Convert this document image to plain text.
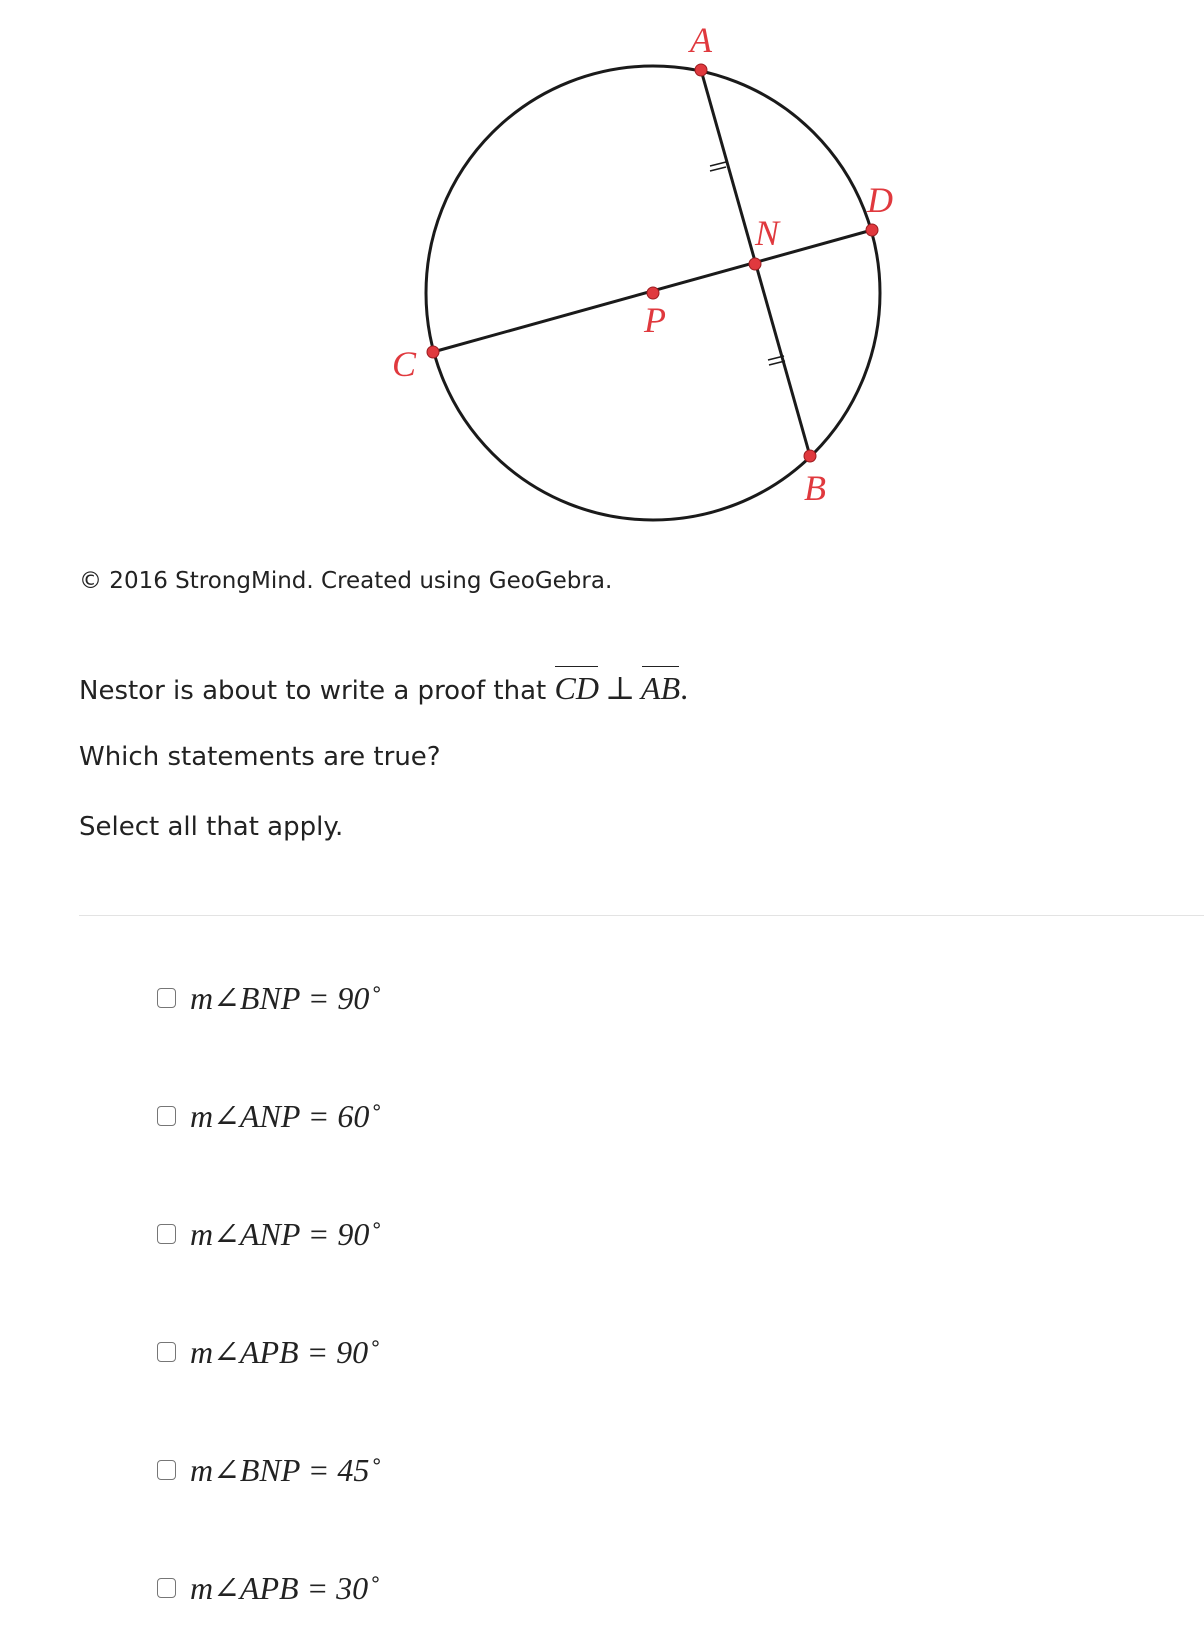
A
B
C
D
N
P
© 2016 StrongMind. Created using GeoGebra.
Nestor is about to write a proof that CD ⊥ AB.
Which statements are true?
Select all that apply.
m∠BNP = 90˚
m∠ANP = 60˚
m∠ANP = 90˚
m∠APB = 90˚
m∠BNP = 45˚
m∠APB = 30˚
